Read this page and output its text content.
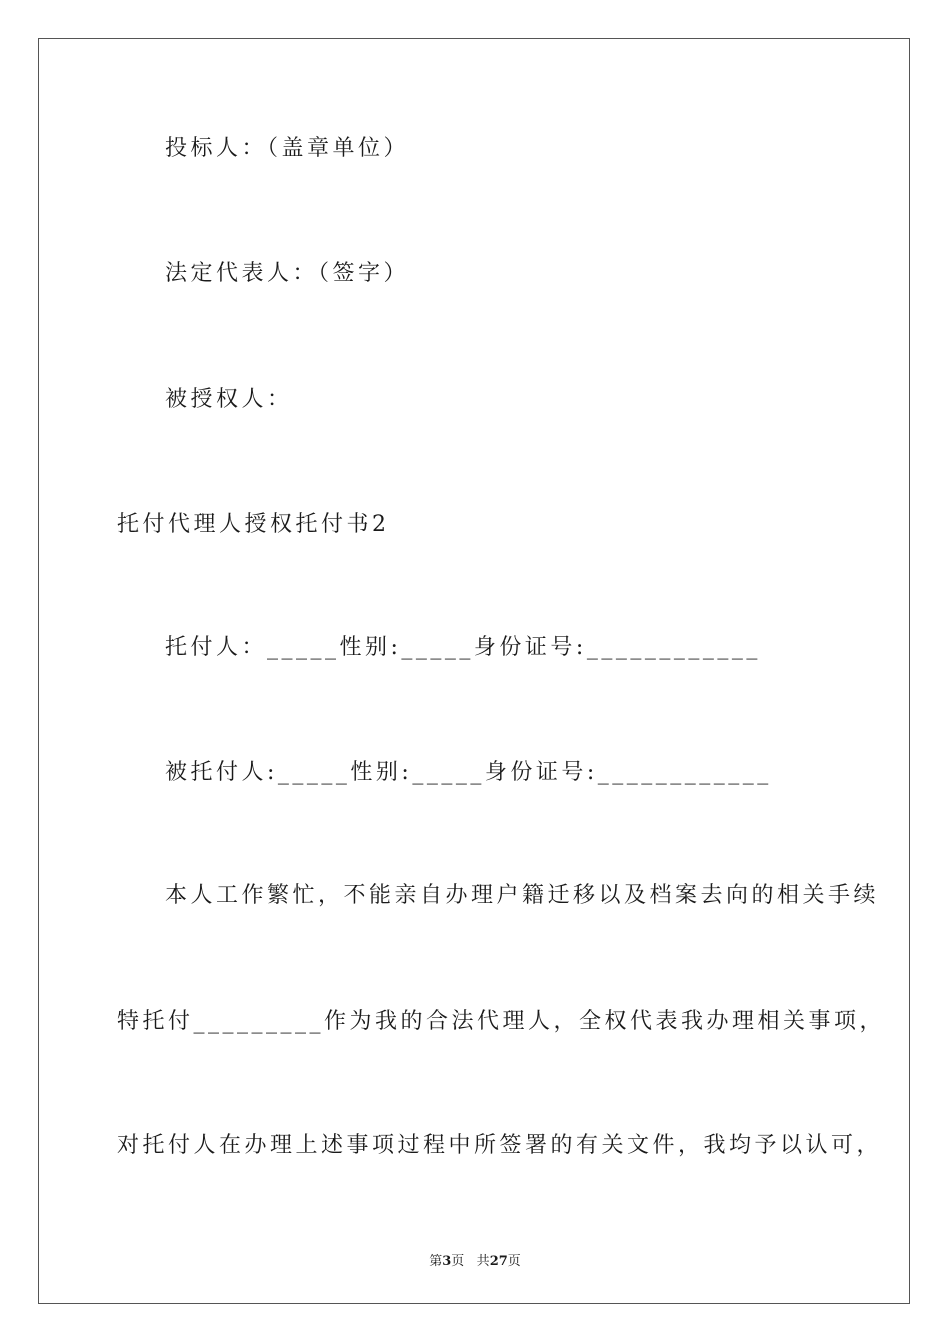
投标人：（盖章单位）
法定代表人：（签字）
被授权人：
托付代理人授权托付书2
托付人：_____性别:_____身份证号:____________
被托付人:_____性别:_____身份证号:____________
本人工作繁忙，不能亲自办理户籍迁移以及档案去向的相关手续
特托付_________作为我的合法代理人，全权代表我办理相关事项，
对托付人在办理上述事项过程中所签署的有关文件，我均予以认可，
第3页 共27页
